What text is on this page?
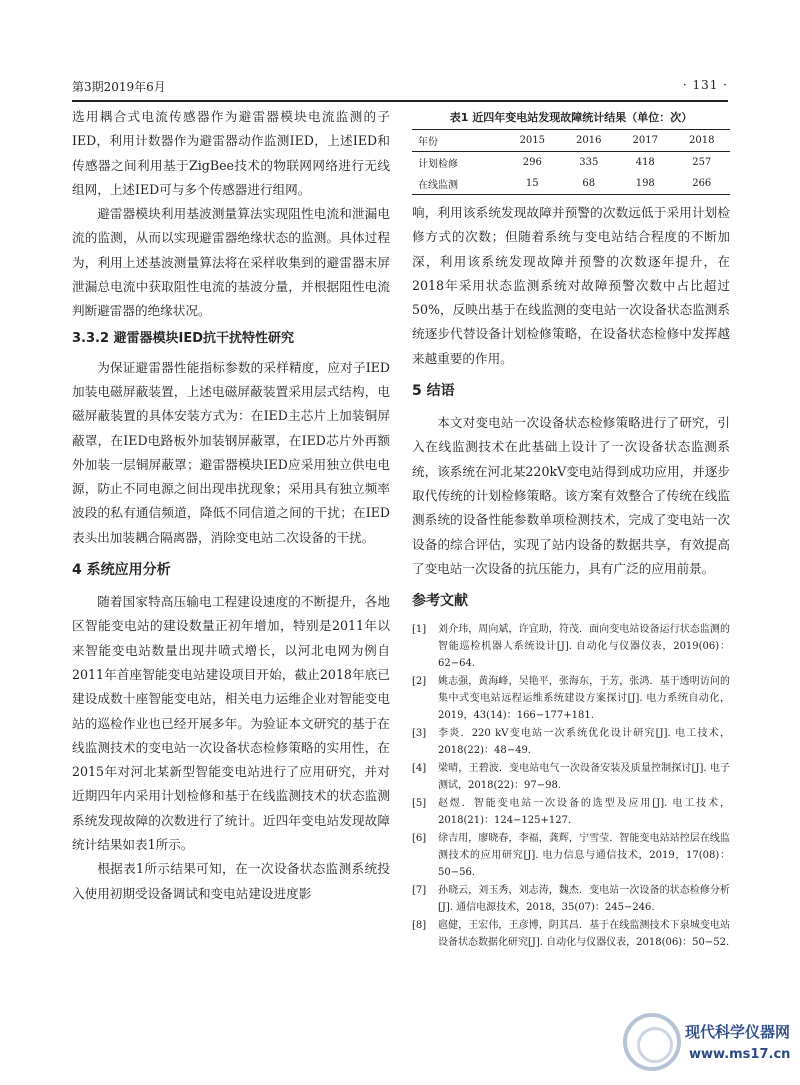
第3期2019年6月	· 131 ·

选用耦合式电流传感器作为避雷器模块电流监测的子IED，利用计数器作为避雷器动作监测IED，上述IED和传感器之间利用基于ZigBee技术的物联网网络进行无线组网，上述IED可与多个传感器进行组网。

避雷器模块利用基波测量算法实现阻性电流和泄漏电流的监测，从而以实现避雷器绝缘状态的监测。具体过程为，利用上述基波测量算法将在采样收集到的避雷器末屏泄漏总电流中获取阻性电流的基波分量，并根据阻性电流判断避雷器的绝缘状况。

3.3.2 避雷器模块IED抗干扰特性研究

为保证避雷器性能指标参数的采样精度，应对子IED加装电磁屏蔽装置，上述电磁屏蔽装置采用层式结构，电磁屏蔽装置的具体安装方式为：在IED主芯片上加装铜屏蔽罩，在IED电路板外加装钢屏蔽罩，在IED芯片外再额外加装一层铜屏蔽罩；避雷器模块IED应采用独立供电电源，防止不同电源之间出现串扰现象；采用具有独立频率波段的私有通信频道，降低不同信道之间的干扰；在IED表头出加装耦合隔离器，消除变电站二次设备的干扰。

4 系统应用分析

随着国家特高压输电工程建设速度的不断提升，各地区智能变电站的建设数量正初年增加，特别是2011年以来智能变电站数量出现井喷式增长，以河北电网为例自2011年首座智能变电站建设项目开始，截止2018年底已建设成数十座智能变电站，相关电力运维企业对智能变电站的巡检作业也已经开展多年。为验证本文研究的基于在线监测技术的变电站一次设备状态检修策略的实用性，在2015年对河北某新型智能变电站进行了应用研究，并对近期四年内采用计划检修和基于在线监测技术的状态监测系统发现故障的次数进行了统计。近四年变电站发现故障统计结果如表1所示。

根据表1所示结果可知，在一次设备状态监测系统投入使用初期受设备调试和变电站建设进度影

表1 近四年变电站发现故障统计结果（单位：次）
年份	2015	2016	2017	2018
计划检修	296	335	418	257
在线监测	15	68	198	266

响，利用该系统发现故障并预警的次数远低于采用计划检修方式的次数；但随着系统与变电站结合程度的不断加深，利用该系统发现故障并预警的次数逐年提升，在2018年采用状态监测系统对故障预警次数中占比超过50%，反映出基于在线监测的变电站一次设备状态监测系统逐步代替设备计划检修策略，在设备状态检修中发挥越来越重要的作用。

5 结语

本文对变电站一次设备状态检修策略进行了研究，引入在线监测技术在此基础上设计了一次设备状态监测系统，该系统在河北某220kV变电站得到成功应用，并逐步取代传统的计划检修策略。该方案有效整合了传统在线监测系统的设备性能参数单项检测技术，完成了变电站一次设备的综合评估，实现了站内设备的数据共享，有效提高了变电站一次设备的抗压能力，具有广泛的应用前景。

参考文献
[1] 刘介玮，周向斌，许宜助，符茂．面向变电站设备运行状态监测的智能巡检机器人系统设计[J]. 自动化与仪器仪表，2019(06)：62−64.
[2] 姚志强，黄海峰，吴艳平，张海东，于芳，张鸿．基于透明访问的集中式变电站远程运维系统建设方案探讨[J]. 电力系统自动化，2019，43(14)：166−177+181.
[3] 李炎．220 kV变电站一次系统优化设计研究[J]. 电工技术，2018(22)：48−49.
[4] 梁晴，王碧波．变电站电气一次设备安装及质量控制探讨[J]. 电子测试，2018(22)：97−98.
[5] 赵煜．智能变电站一次设备的选型及应用[J]. 电工技术，2018(21)：124−125+127.
[6] 徐吉用，廖晓春，李福，龚辉，宁雪莹．智能变电站站控层在线监测技术的应用研究[J]. 电力信息与通信技术，2019，17(08)：50−56.
[7] 孙晓云，刘玉秀，刘志涛，魏杰．变电站一次设备的状态检修分析[J]. 通信电源技术，2018，35(07)：245−246.
[8] 扈健，王宏伟，王彦博，阴其昌．基于在线监测技术下泉城变电站设备状态数据化研究[J]. 自动化与仪器仪表，2018(06)：50−52.
现代科学仪器网
www.ms17.cn
